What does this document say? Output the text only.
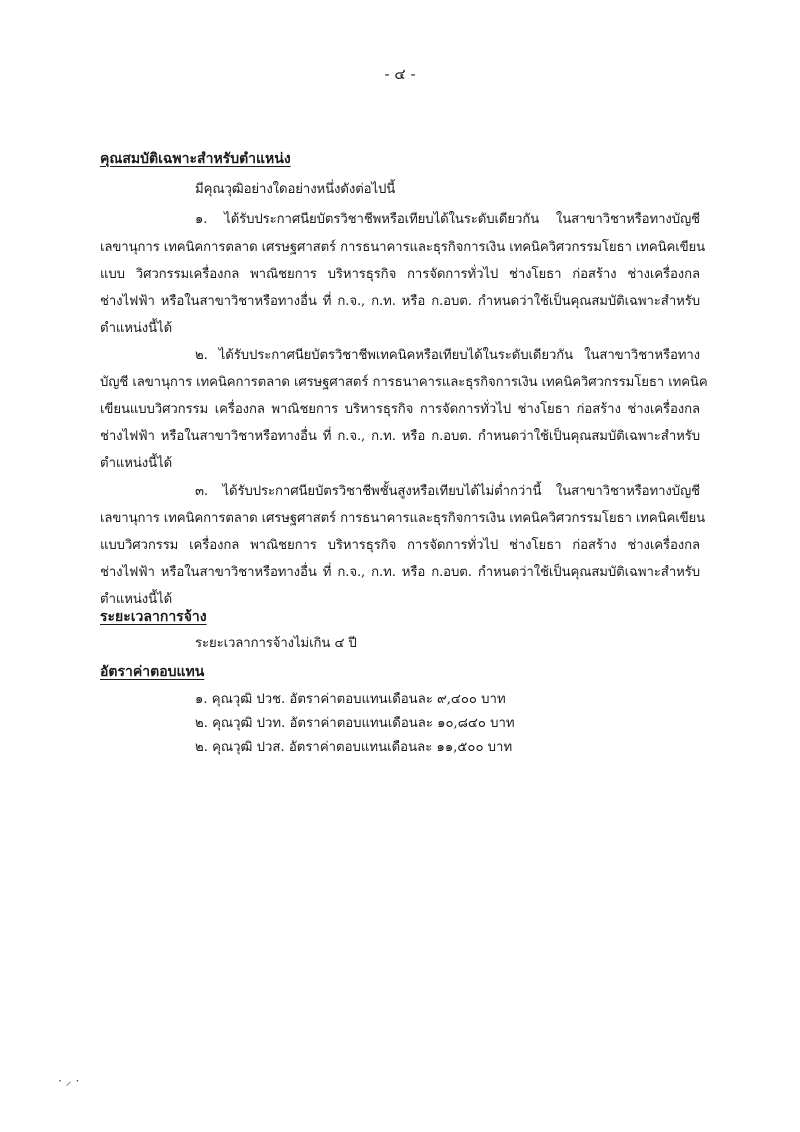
- ๔ -
คุณสมบัติเฉพาะสำหรับตำแหน่ง
มีคุณวุฒิอย่างใดอย่างหนึ่งดังต่อไปนี้
๑. ได้รับประกาศนียบัตรวิชาชีพหรือเทียบได้ในระดับเดียวกัน ในสาขาวิชาหรือทางบัญชี
เลขานุการ เทคนิคการตลาด เศรษฐศาสตร์ การธนาคารและธุรกิจการเงิน เทคนิควิศวกรรมโยธา เทคนิคเขียน
แบบ วิศวกรรมเครื่องกล พาณิชยการ บริหารธุรกิจ การจัดการทั่วไป ช่างโยธา ก่อสร้าง ช่างเครื่องกล
ช่างไฟฟ้า หรือในสาขาวิชาหรือทางอื่น ที่ ก.จ., ก.ท. หรือ ก.อบต. กำหนดว่าใช้เป็นคุณสมบัติเฉพาะสำหรับ
ตำแหน่งนี้ได้
๒. ได้รับประกาศนียบัตรวิชาชีพเทคนิคหรือเทียบได้ในระดับเดียวกัน ในสาขาวิชาหรือทาง
บัญชี เลขานุการ เทคนิคการตลาด เศรษฐศาสตร์ การธนาคารและธุรกิจการเงิน เทคนิควิศวกรรมโยธา เทคนิค
เขียนแบบวิศวกรรม เครื่องกล พาณิชยการ บริหารธุรกิจ การจัดการทั่วไป ช่างโยธา ก่อสร้าง ช่างเครื่องกล
ช่างไฟฟ้า หรือในสาขาวิชาหรือทางอื่น ที่ ก.จ., ก.ท. หรือ ก.อบต. กำหนดว่าใช้เป็นคุณสมบัติเฉพาะสำหรับ
ตำแหน่งนี้ได้
๓. ได้รับประกาศนียบัตรวิชาชีพชั้นสูงหรือเทียบได้ไม่ต่ำกว่านี้ ในสาขาวิชาหรือทางบัญชี
เลขานุการ เทคนิคการตลาด เศรษฐศาสตร์ การธนาคารและธุรกิจการเงิน เทคนิควิศวกรรมโยธา เทคนิคเขียน
แบบวิศวกรรม เครื่องกล พาณิชยการ บริหารธุรกิจ การจัดการทั่วไป ช่างโยธา ก่อสร้าง ช่างเครื่องกล
ช่างไฟฟ้า หรือในสาขาวิชาหรือทางอื่น ที่ ก.จ., ก.ท. หรือ ก.อบต. กำหนดว่าใช้เป็นคุณสมบัติเฉพาะสำหรับ
ตำแหน่งนี้ได้
ระยะเวลาการจ้าง
ระยะเวลาการจ้างไม่เกิน ๔ ปี
อัตราค่าตอบแทน
๑. คุณวุฒิ ปวช. อัตราค่าตอบแทนเดือนละ ๙,๔๐๐ บาท
๒. คุณวุฒิ ปวท. อัตราค่าตอบแทนเดือนละ ๑๐,๘๔๐ บาท
๒. คุณวุฒิ ปวส. อัตราค่าตอบแทนเดือนละ ๑๑,๕๐๐ บาท
· ⸝ ·
